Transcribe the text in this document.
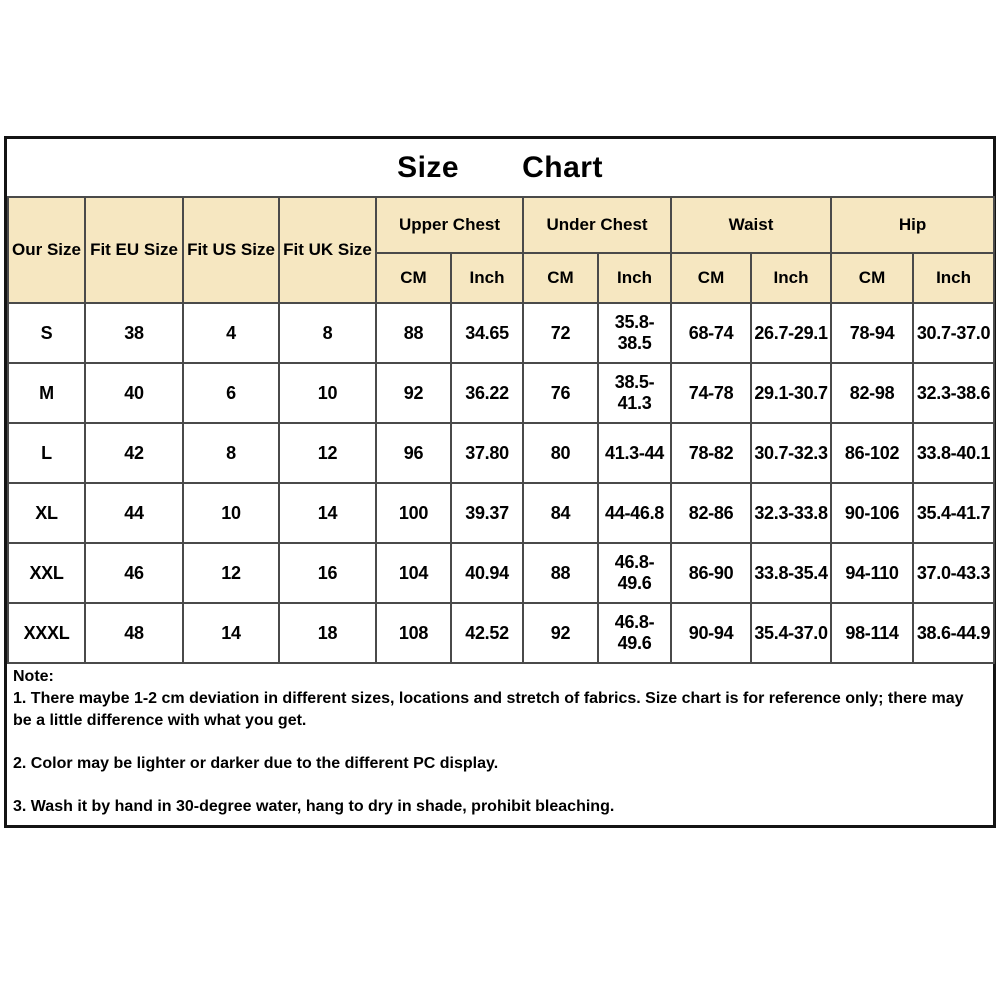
Size Chart
Our Size	Fit EU Size	Fit US Size	Fit UK Size	Upper Chest		Under Chest		Waist		Hip	
				CM	Inch	CM	Inch	CM	Inch	CM	Inch
S	38	4	8	88	34.65	72	35.8-38.5	68-74	26.7-29.1	78-94	30.7-37.0
M	40	6	10	92	36.22	76	38.5-41.3	74-78	29.1-30.7	82-98	32.3-38.6
L	42	8	12	96	37.80	80	41.3-44	78-82	30.7-32.3	86-102	33.8-40.1
XL	44	10	14	100	39.37	84	44-46.8	82-86	32.3-33.8	90-106	35.4-41.7
XXL	46	12	16	104	40.94	88	46.8-49.6	86-90	33.8-35.4	94-110	37.0-43.3
XXXL	48	14	18	108	42.52	92	46.8-49.6	90-94	35.4-37.0	98-114	38.6-44.9
Note:

1. There maybe 1-2 cm deviation in different sizes, locations and stretch of fabrics. Size chart is for reference only; there may be a little difference with what you get.

2. Color may be lighter or darker due to the different PC display.

3. Wash it by hand in 30-degree water, hang to dry in shade, prohibit bleaching.
